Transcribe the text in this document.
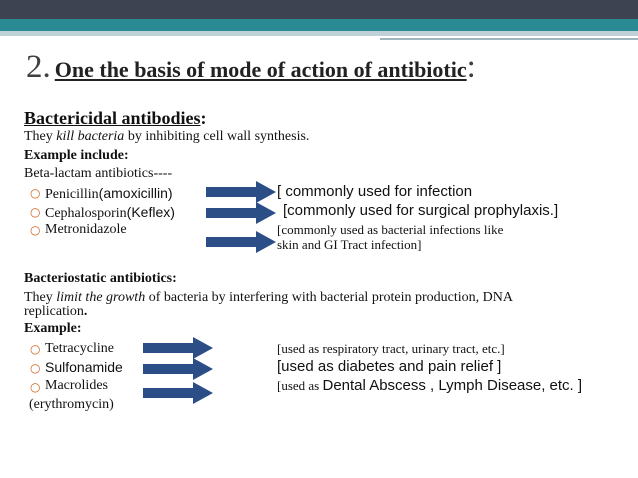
2. One the basis of mode of action of antibiotic:
Bactericidal antibodies:
They kill bacteria by inhibiting cell wall synthesis.
Example include:
Beta-lactam antibiotics----
○ Penicillin(amoxicillin)	[ commonly used for infection
○ Cephalosporin(Keflex)	[commonly used for surgical prophylaxis.]
○ Metronidazole	[commonly used as bacterial infections like
skin and GI Tract infection]
Bacteriostatic antibiotics:
They limit the growth of bacteria by interfering with bacterial protein production, DNA
replication.
Example:
○ Tetracycline	[used as respiratory tract, urinary tract, etc.]
○ Sulfonamide	[used as diabetes and pain relief ]
○ Macrolides	[used as Dental Abscess , Lymph Disease, etc. ]
(erythromycin)
